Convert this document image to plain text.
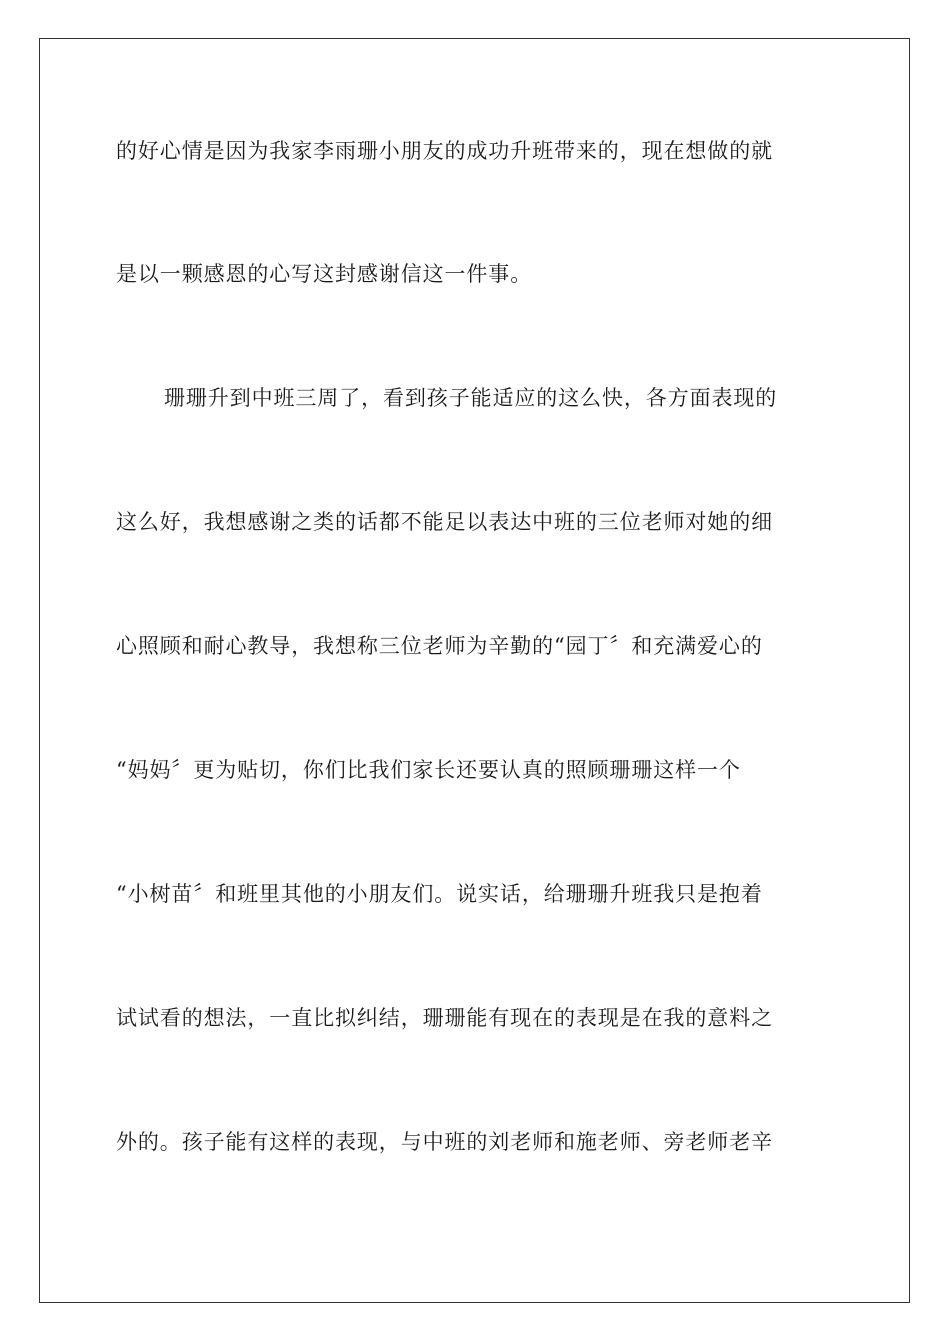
的好心情是因为我家李雨珊小朋友的成功升班带来的，现在想做的就
是以一颗感恩的心写这封感谢信这一件事。
珊珊升到中班三周了，看到孩子能适应的这么快，各方面表现的
这么好，我想感谢之类的话都不能足以表达中班的三位老师对她的细
心照顾和耐心教导，我想称三位老师为辛勤的“园丁〞和充满爱心的
“妈妈〞更为贴切，你们比我们家长还要认真的照顾珊珊这样一个
“小树苗〞和班里其他的小朋友们。说实话，给珊珊升班我只是抱着
试试看的想法，一直比拟纠结，珊珊能有现在的表现是在我的意料之
外的。孩子能有这样的表现，与中班的刘老师和施老师、旁老师老辛
